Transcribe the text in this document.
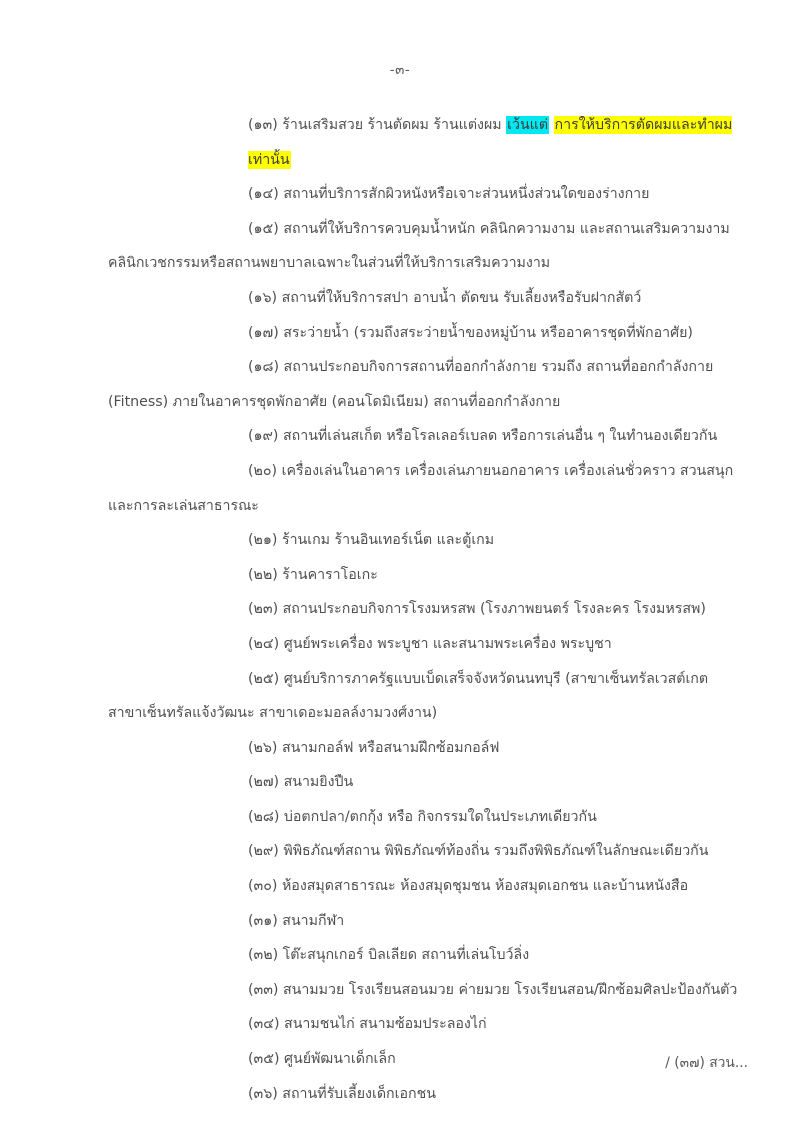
-๓-
(๑๓) ร้านเสริมสวย ร้านตัดผม ร้านแต่งผม เว้นแต่ การให้บริการตัดผมและทำผมเท่านั้น
(๑๔) สถานที่บริการสักผิวหนังหรือเจาะส่วนหนึ่งส่วนใดของร่างกาย
(๑๕) สถานที่ให้บริการควบคุมน้ำหนัก คลินิกความงาม และสถานเสริมความงาม
คลินิกเวชกรรมหรือสถานพยาบาลเฉพาะในส่วนที่ให้บริการเสริมความงาม
(๑๖) สถานที่ให้บริการสปา อาบน้ำ ตัดขน รับเลี้ยงหรือรับฝากสัตว์
(๑๗) สระว่ายน้ำ (รวมถึงสระว่ายน้ำของหมู่บ้าน หรืออาคารชุดที่พักอาศัย)
(๑๘) สถานประกอบกิจการสถานที่ออกกำลังกาย รวมถึง สถานที่ออกกำลังกาย
(Fitness) ภายในอาคารชุดพักอาศัย (คอนโดมิเนียม) สถานที่ออกกำลังกาย
(๑๙) สถานที่เล่นสเก็ต หรือโรลเลอร์เบลด หรือการเล่นอื่น ๆ ในทำนองเดียวกัน
(๒๐) เครื่องเล่นในอาคาร เครื่องเล่นภายนอกอาคาร เครื่องเล่นชั่วคราว สวนสนุก
และการละเล่นสาธารณะ
(๒๑) ร้านเกม ร้านอินเทอร์เน็ต และตู้เกม
(๒๒) ร้านคาราโอเกะ
(๒๓) สถานประกอบกิจการโรงมหรสพ (โรงภาพยนตร์ โรงละคร โรงมหรสพ)
(๒๔) ศูนย์พระเครื่อง พระบูชา และสนามพระเครื่อง พระบูชา
(๒๕) ศูนย์บริการภาครัฐแบบเบ็ดเสร็จจังหวัดนนทบุรี (สาขาเซ็นทรัลเวสต์เกต
สาขาเซ็นทรัลแจ้งวัฒนะ สาขาเดอะมอลล์งามวงศ์งาน)
(๒๖) สนามกอล์ฟ หรือสนามฝึกซ้อมกอล์ฟ
(๒๗) สนามยิงปืน
(๒๘) บ่อตกปลา/ตกกุ้ง หรือ กิจกรรมใดในประเภทเดียวกัน
(๒๙) พิพิธภัณฑ์สถาน พิพิธภัณฑ์ท้องถิ่น รวมถึงพิพิธภัณฑ์ในลักษณะเดียวกัน
(๓๐) ห้องสมุดสาธารณะ ห้องสมุดชุมชน ห้องสมุดเอกชน และบ้านหนังสือ
(๓๑) สนามกีฬา
(๓๒) โต๊ะสนุกเกอร์ บิลเลียด สถานที่เล่นโบว์ลิ่ง
(๓๓) สนามมวย โรงเรียนสอนมวย ค่ายมวย โรงเรียนสอน/ฝึกซ้อมศิลปะป้องกันตัว
(๓๔) สนามชนไก่ สนามซ้อมประลองไก่
(๓๕) ศูนย์พัฒนาเด็กเล็ก
(๓๖) สถานที่รับเลี้ยงเด็กเอกชน
/ (๓๗) สวน...
